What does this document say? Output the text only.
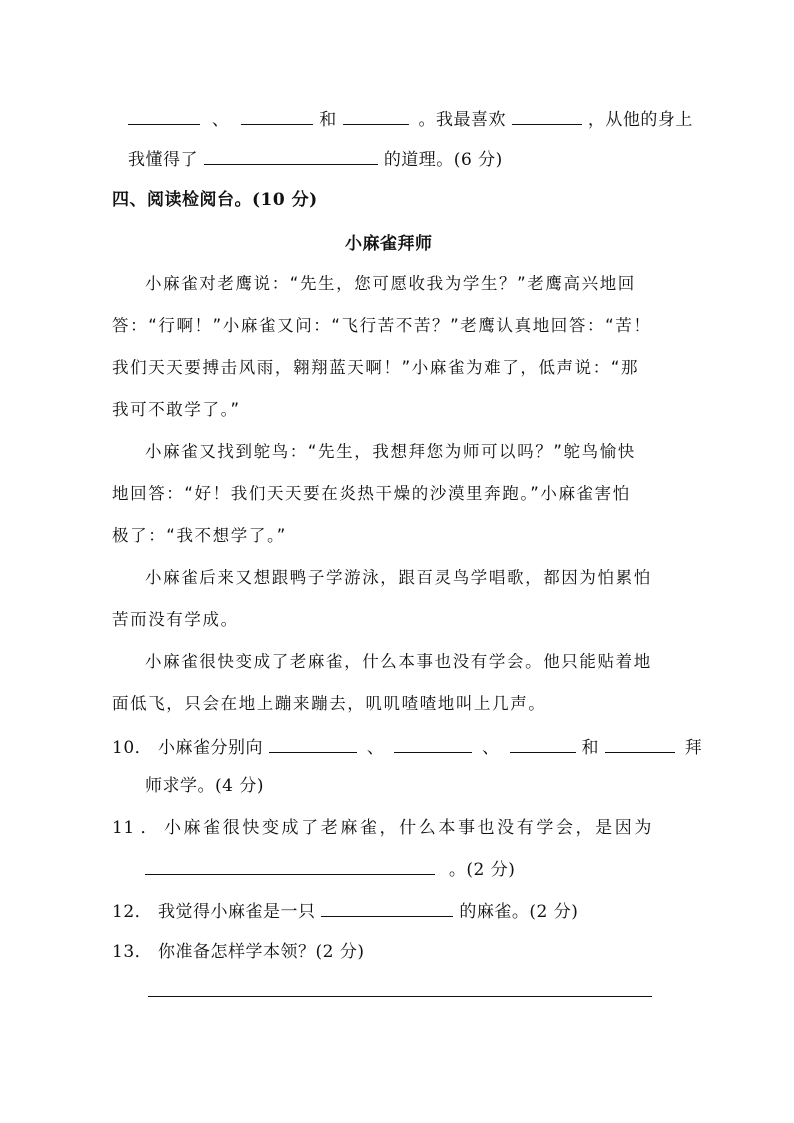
、	和	。我最喜欢	，从他的身上
我懂得了	的道理。(6 分)
四、阅读检阅台。(10 分)
小麻雀拜师
小麻雀对老鹰说：“先生，您可愿收我为学生？”老鹰高兴地回
答：“行啊！”小麻雀又问：“飞行苦不苦？”老鹰认真地回答：“苦！
我们天天要搏击风雨，翱翔蓝天啊！”小麻雀为难了，低声说：“那
我可不敢学了。”
小麻雀又找到鸵鸟：“先生，我想拜您为师可以吗？”鸵鸟愉快
地回答：“好！我们天天要在炎热干燥的沙漠里奔跑。”小麻雀害怕
极了：“我不想学了。”
小麻雀后来又想跟鸭子学游泳，跟百灵鸟学唱歌，都因为怕累怕
苦而没有学成。
小麻雀很快变成了老麻雀，什么本事也没有学会。他只能贴着地
面低飞，只会在地上蹦来蹦去，叽叽喳喳地叫上几声。
10． 小麻雀分别向	、	、	和	拜
师求学。(4 分)
11 ． 小麻雀很快变成了老麻雀，什么本事也没有学会，是因为
。(2 分)
12． 我觉得小麻雀是一只	的麻雀。(2 分)
13． 你准备怎样学本领？(2 分)
